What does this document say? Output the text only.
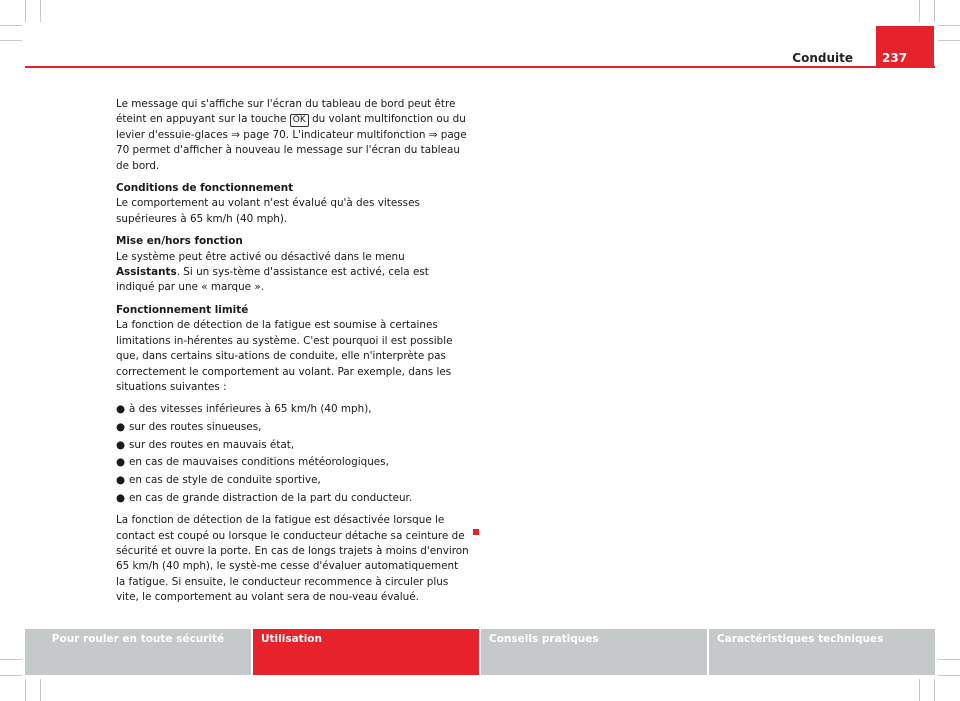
Conduite 237

Le message qui s'affiche sur l'écran du tableau de bord peut être éteint en appuyant sur la touche OK du volant multifonction ou du levier d'essuie-glaces ⇒ page 70. L'indicateur multifonction ⇒ page 70 permet d'afficher à nouveau le message sur l'écran du tableau de bord.

Conditions de fonctionnement

Le comportement au volant n'est évalué qu'à des vitesses supérieures à 65 km/h (40 mph).

Mise en/hors fonction

Le système peut être activé ou désactivé dans le menu Assistants. Si un sys-tème d'assistance est activé, cela est indiqué par une « marque ».

Fonctionnement limité

La fonction de détection de la fatigue est soumise à certaines limitations in-hérentes au système. C'est pourquoi il est possible que, dans certains situ-ations de conduite, elle n'interprète pas correctement le comportement au volant. Par exemple, dans les situations suivantes :

● à des vitesses inférieures à 65 km/h (40 mph),
● sur des routes sinueuses,
● sur des routes en mauvais état,
● en cas de mauvaises conditions météorologiques,
● en cas de style de conduite sportive,
● en cas de grande distraction de la part du conducteur.

La fonction de détection de la fatigue est désactivée lorsque le contact est coupé ou lorsque le conducteur détache sa ceinture de sécurité et ouvre la porte. En cas de longs trajets à moins d'environ 65 km/h (40 mph), le systè-me cesse d'évaluer automatiquement la fatigue. Si ensuite, le conducteur recommence à circuler plus vite, le comportement au volant sera de nou-veau évalué.

Pour rouler en toute sécurité	Utilisation	Conseils pratiques	Caractéristiques techniques
